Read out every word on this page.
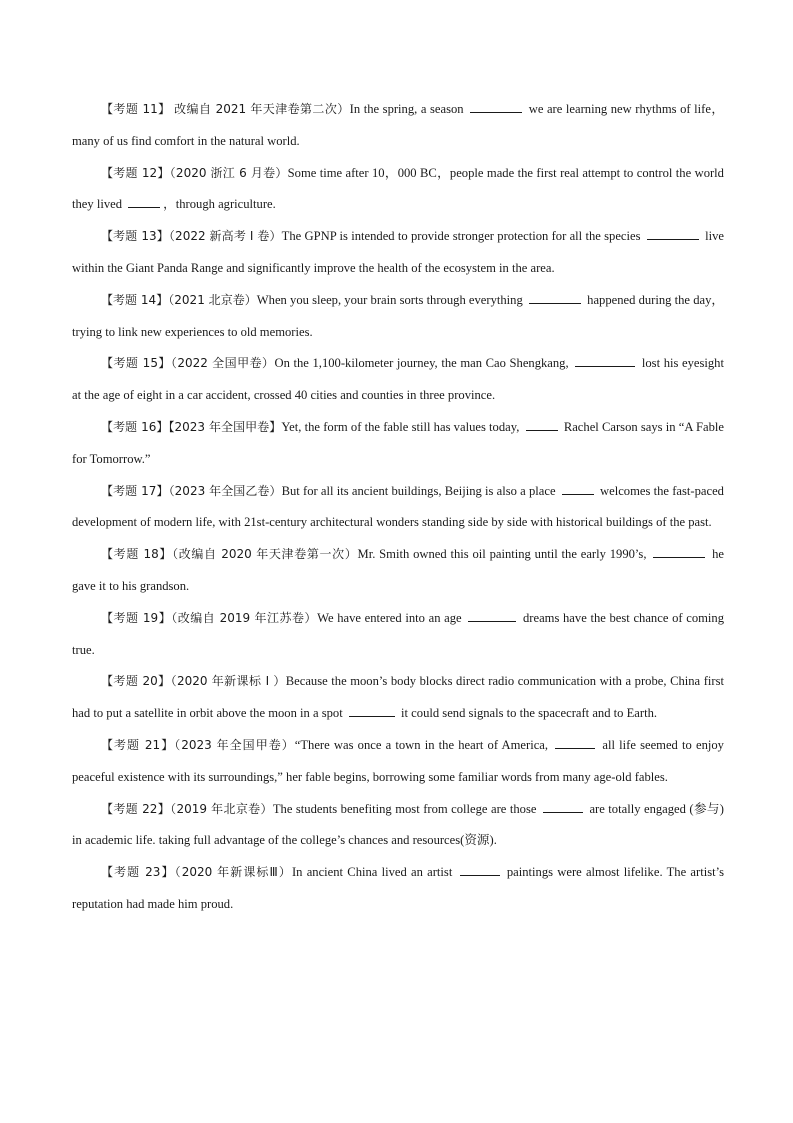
【考题 11】 改编自 2021 年天津卷第二次）In the spring, a season	we are learning new rhythms of life，many of us find comfort in the natural world.

【考题 12】（2020 浙江 6 月卷）Some time after 10，000 BC，people made the first real attempt to control the world they lived	，through agriculture.

【考题 13】（2022 新高考 I 卷）The GPNP is intended to provide stronger protection for all the species	live within the Giant Panda Range and significantly improve the health of the ecosystem in the area.

【考题 14】（2021 北京卷）When you sleep, your brain sorts through everything	happened during the day，trying to link new experiences to old memories.

【考题 15】（2022 全国甲卷）On the 1,100-kilometer journey, the man Cao Shengkang,	lost his eyesight at the age of eight in a car accident, crossed 40 cities and counties in three province.

【考题 16】【2023 年全国甲卷】Yet, the form of the fable still has values today,	Rachel Carson says in “A Fable for Tomorrow.”

【考题 17】（2023 年全国乙卷）But for all its ancient buildings, Beijing is also a place	welcomes the fast-paced development of modern life, with 21st-century architectural wonders standing side by side with historical buildings of the past.

【考题 18】（改编自 2020 年天津卷第一次）Mr. Smith owned this oil painting until the early 1990’s,	he gave it to his grandson.

【考题 19】（改编自 2019 年江苏卷）We have entered into an age	dreams have the best chance of coming true.

【考题 20】（2020 年新课标 I ）Because the moon’s body blocks direct radio communication with a probe, China first had to put a satellite in orbit above the moon in a spot	it could send signals to the spacecraft and to Earth.

【考题 21】（2023 年全国甲卷）“There was once a town in the heart of America,	all life seemed to enjoy peaceful existence with its surroundings,” her fable begins, borrowing some familiar words from many age-old fables.

【考题 22】（2019 年北京卷）The students benefiting most from college are those	are totally engaged (参与) in academic life. taking full advantage of the college’s chances and resources(资源).

【考题 23】（2020 年新课标Ⅲ）In ancient China lived an artist	paintings were almost lifelike. The artist’s reputation had made him proud.
